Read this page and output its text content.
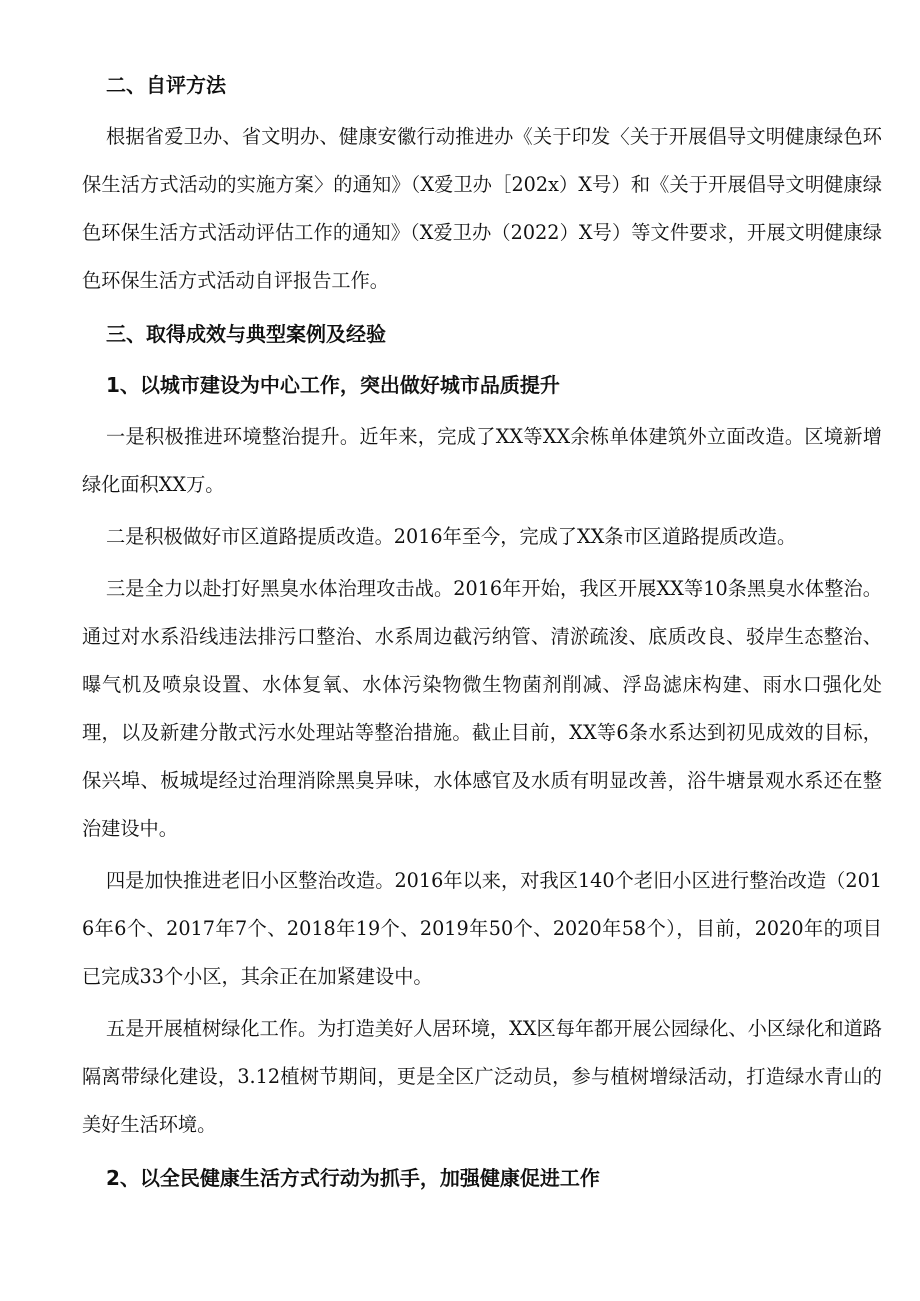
二、自评方法

根据省爱卫办、省文明办、健康安徽行动推进办《关于印发〈关于开展倡导文明健康绿色环保生活方式活动的实施方案〉的通知》（X爱卫办［202x）X号）和《关于开展倡导文明健康绿色环保生活方式活动评估工作的通知》（X爱卫办（2022）X号）等文件要求，开展文明健康绿色环保生活方式活动自评报告工作。

三、取得成效与典型案例及经验

1、以城市建设为中心工作，突出做好城市品质提升

一是积极推进环境整治提升。近年来，完成了XX等XX余栋单体建筑外立面改造。区境新增绿化面积XX万。

二是积极做好市区道路提质改造。2016年至今，完成了XX条市区道路提质改造。

三是全力以赴打好黑臭水体治理攻击战。2016年开始，我区开展XX等10条黑臭水体整治。通过对水系沿线违法排污口整治、水系周边截污纳管、清淤疏浚、底质改良、驳岸生态整治、曝气机及喷泉设置、水体复氧、水体污染物微生物菌剂削减、浮岛滤床构建、雨水口强化处理，以及新建分散式污水处理站等整治措施。截止目前，XX等6条水系达到初见成效的目标，保兴埠、板城堤经过治理消除黑臭异味，水体感官及水质有明显改善，浴牛塘景观水系还在整治建设中。

四是加快推进老旧小区整治改造。2016年以来，对我区140个老旧小区进行整治改造（2016年6个、2017年7个、2018年19个、2019年50个、2020年58个），目前，2020年的项目已完成33个小区，其余正在加紧建设中。

五是开展植树绿化工作。为打造美好人居环境，XX区每年都开展公园绿化、小区绿化和道路隔离带绿化建设，3.12植树节期间，更是全区广泛动员，参与植树增绿活动，打造绿水青山的美好生活环境。

2、以全民健康生活方式行动为抓手，加强健康促进工作
